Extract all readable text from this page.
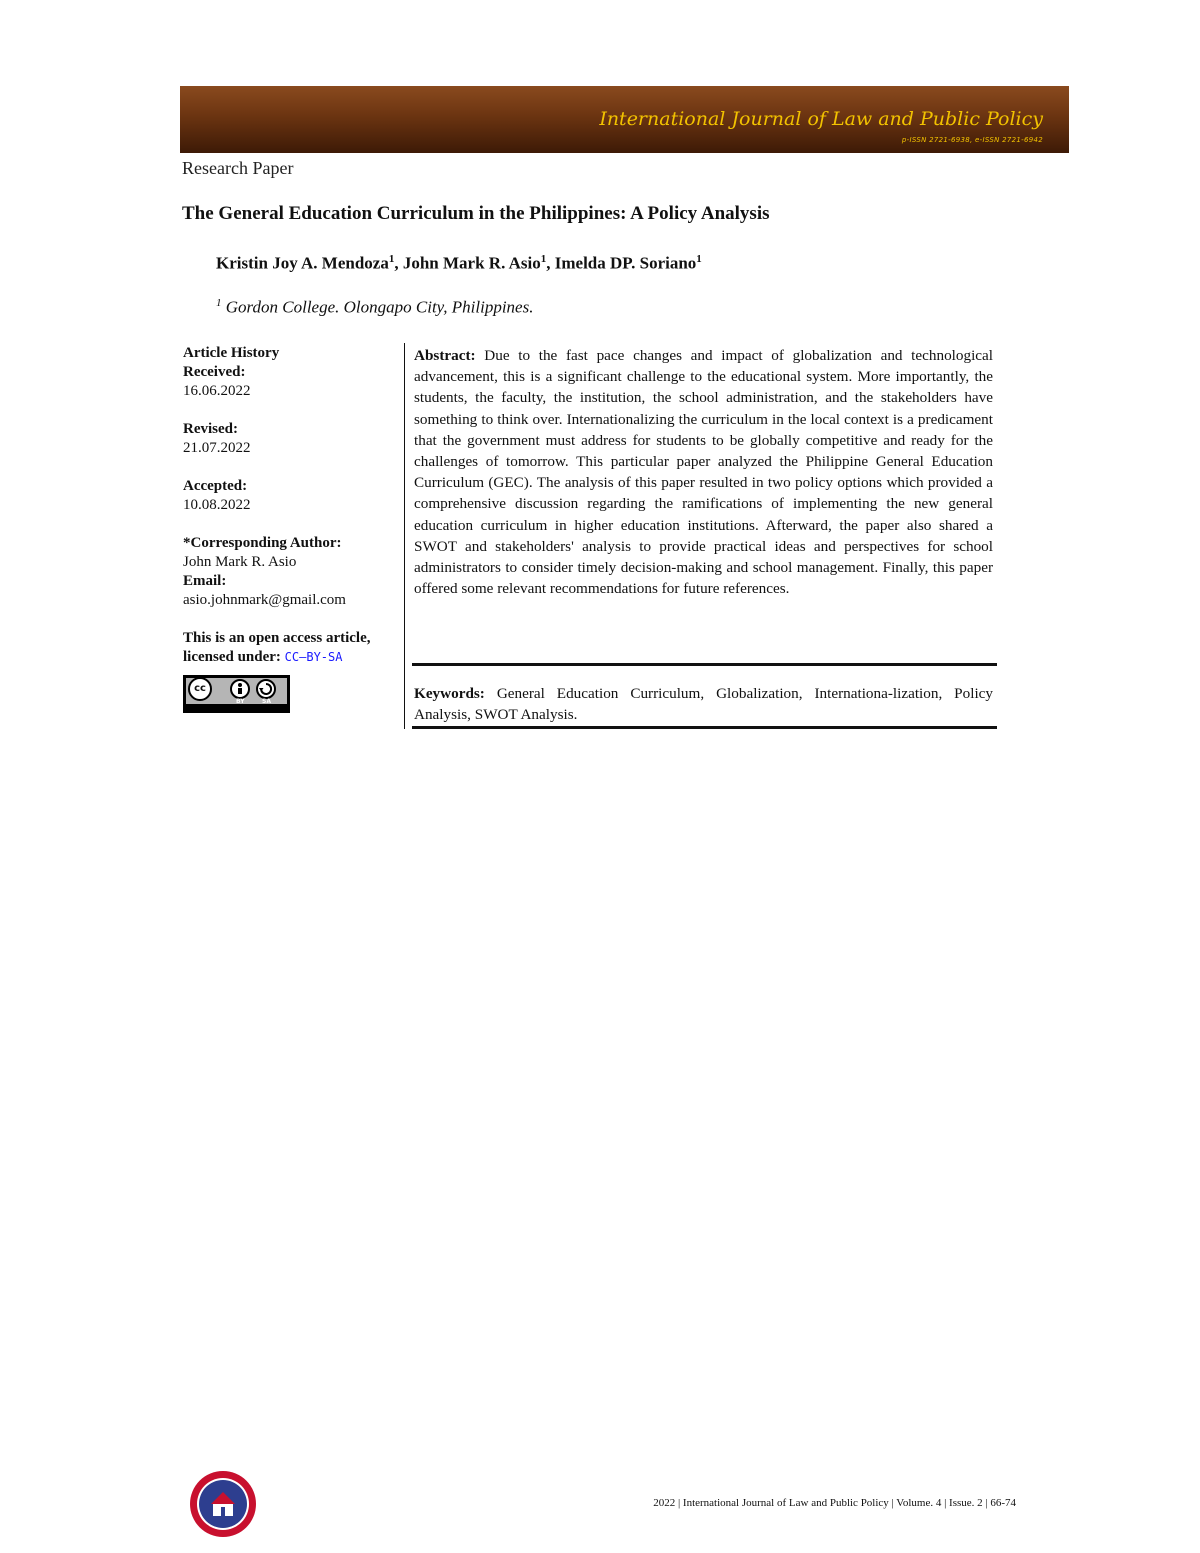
International Journal of Law and Public Policy
p-ISSN 2721-6938, e-ISSN 2721-6942
Research Paper
The General Education Curriculum in the Philippines: A Policy Analysis
Kristin Joy A. Mendoza$^1$, John Mark R. Asio$^1$, Imelda DP. Soriano$^1$
$^1$ Gordon College. Olongapo City, Philippines.
Article History
Received:
16.06.2022
Revised:
21.07.2022
Accepted:
10.08.2022
*Corresponding Author:
John Mark R. Asio
Email:
asio.johnmark@gmail.com
This is an open access article,
licensed under: CC–BY-SA
cc
BY	SA
Abstract: Due to the fast pace changes and impact of globalization and technological advancement, this is a significant challenge to the educational system. More importantly, the students, the faculty, the institution, the school administration, and the stakeholders have something to think over. Internationalizing the curriculum in the local context is a predicament that the government must address for students to be globally competitive and ready for the challenges of tomorrow. This particular paper analyzed the Philippine General Education Curriculum (GEC). The analysis of this paper resulted in two policy options which provided a comprehensive discussion regarding the ramifications of implementing the new general education curriculum in higher education institutions. Afterward, the paper also shared a SWOT and stakeholders' analysis to provide practical ideas and perspectives for school administrators to consider timely decision-making and school management. Finally, this paper offered some relevant recommendations for future references.
Keywords: General Education Curriculum, Globalization, Internationa-lization, Policy Analysis, SWOT Analysis.
2022 | International Journal of Law and Public Policy | Volume. 4 | Issue. 2 | 66-74
